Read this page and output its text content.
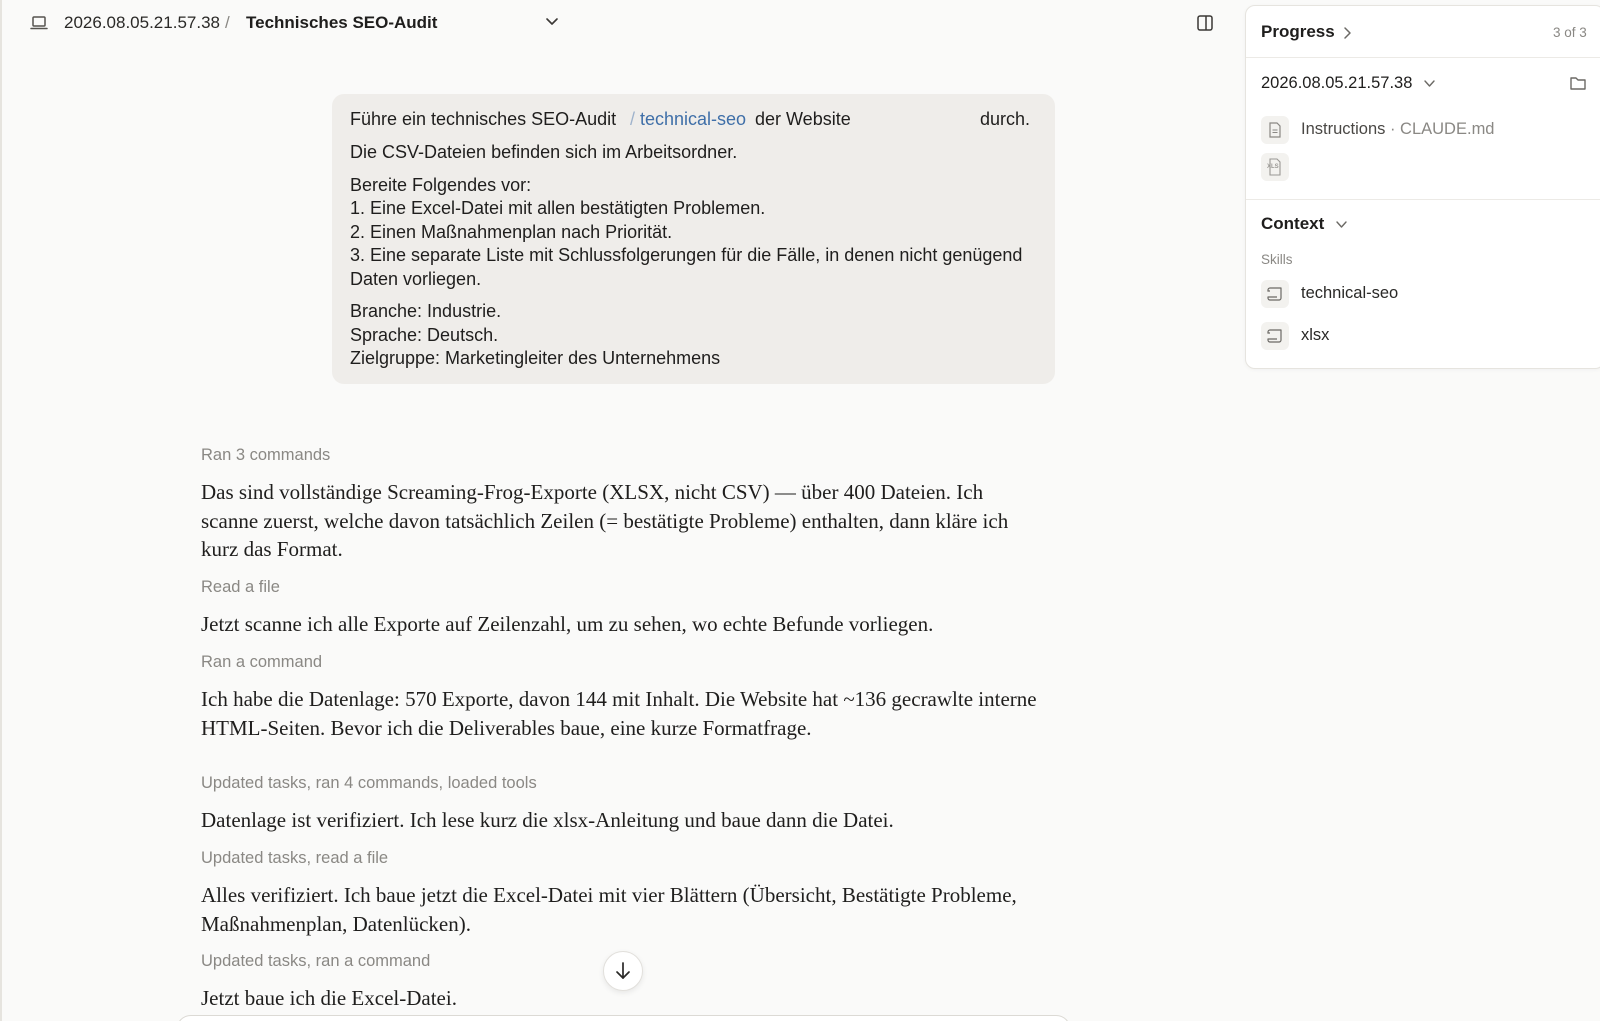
2026.08.05.21.57.38 / Technisches SEO-Audit
Führe ein technisches SEO-Audit / technical-seo der Website	durch.

Die CSV-Dateien befinden sich im Arbeitsordner.

Bereite Folgendes vor:
1. Eine Excel-Datei mit allen bestätigten Problemen.
2. Einen Maßnahmenplan nach Priorität.
3. Eine separate Liste mit Schlussfolgerungen für die Fälle, in denen nicht genügend Daten vorliegen.
Branche: Industrie.
Sprache: Deutsch.
Zielgruppe: Marketingleiter des Unternehmens
Ran 3 commands
Das sind vollständige Screaming-Frog-Exporte (XLSX, nicht CSV) — über 400 Dateien. Ich scanne zuerst, welche davon tatsächlich Zeilen (= bestätigte Probleme) enthalten, dann kläre ich kurz das Format.
Read a file
Jetzt scanne ich alle Exporte auf Zeilenzahl, um zu sehen, wo echte Befunde vorliegen.
Ran a command
Ich habe die Datenlage: 570 Exporte, davon 144 mit Inhalt. Die Website hat ~136 gecrawlte interne HTML-Seiten. Bevor ich die Deliverables baue, eine kurze Formatfrage.
Updated tasks, ran 4 commands, loaded tools
Datenlage ist verifiziert. Ich lese kurz die xlsx-Anleitung und baue dann die Datei.
Updated tasks, read a file
Alles verifiziert. Ich baue jetzt die Excel-Datei mit vier Blättern (Übersicht, Bestätigte Probleme, Maßnahmenplan, Datenlücken).
Updated tasks, ran a command
Jetzt baue ich die Excel-Datei.
Progress	3 of 3
2026.08.05.21.57.38
Instructions · CLAUDE.md
XLS
Context
Skills
technical-seo
xlsx
